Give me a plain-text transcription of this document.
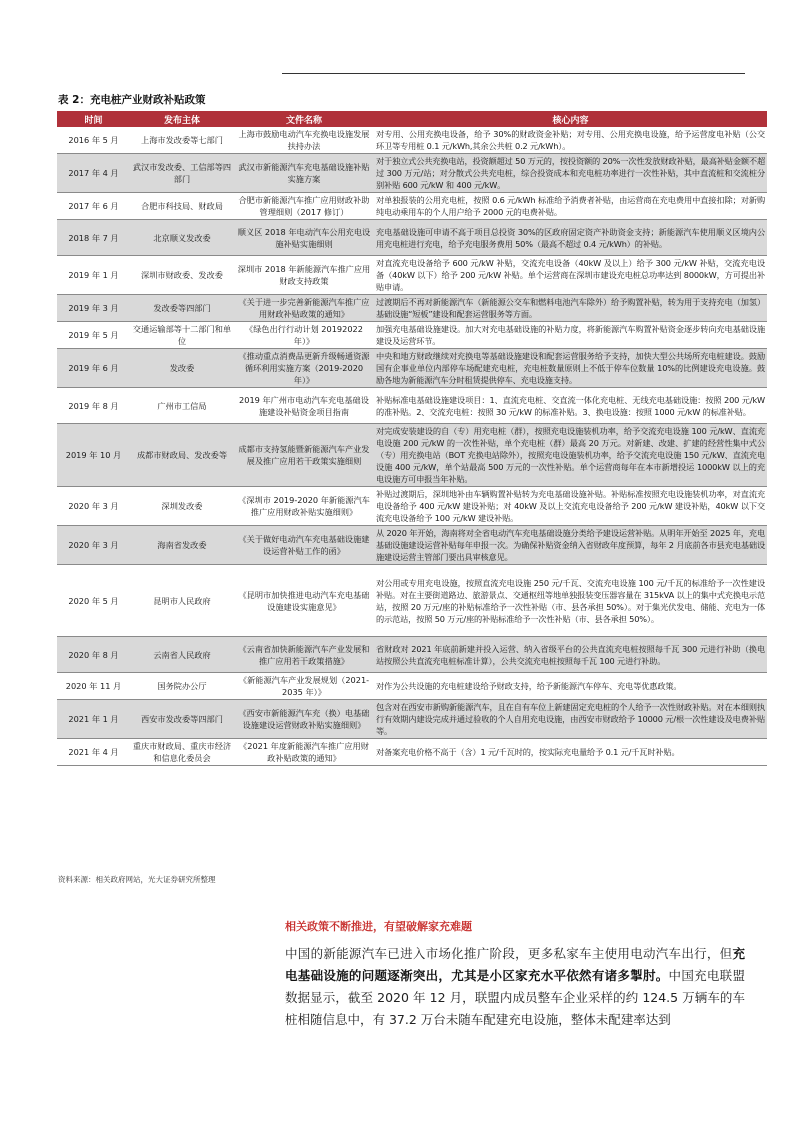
表 2：充电桩产业财政补贴政策
时间	发布主体	文件名称	核心内容
2016 年 5 月	上海市发改委等七部门	上海市鼓励电动汽车充换电设施发展扶持办法	对专用、公用充换电设备，给予 30%的财政资金补贴；对专用、公用充换电设施，给予运营度电补贴（公交环卫等专用桩 0.1 元/kWh,其余公共桩 0.2 元/kWh）。
2017 年 4 月	武汉市发改委、工信部等四部门	武汉市新能源汽车充电基础设施补贴实施方案	对于独立式公共充换电站，投资额超过 50 万元的，按投资额的 20%一次性发放财政补贴，最高补贴金额不超过 300 万元/站；对分散式公共充电桩，综合投资成本和充电桩功率进行一次性补贴，其中直流桩和交流桩分别补贴 600 元/kW 和 400 元/kW。
2017 年 6 月	合肥市科技局、财政局	合肥市新能源汽车推广应用财政补助管理细则（2017 修订）	对单独报装的公用充电桩，按照 0.6 元/kWh 标准给予消费者补贴，由运营商在充电费用中直接扣除；对新购纯电动乘用车的个人用户给予 2000 元的电费补贴。
2018 年 7 月	北京顺义发改委	顺义区 2018 年电动汽车公用充电设施补贴实施细则	充电基础设施可申请不高于项目总投资 30%的区政府固定资产补助资金支持；新能源汽车使用顺义区境内公用充电桩进行充电，给予充电服务费用 50%（最高不超过 0.4 元/kWh）的补贴。
2019 年 1 月	深圳市财政委、发改委	深圳市 2018 年新能源汽车推广应用财政支持政策	对直流充电设备给予 600 元/kW 补贴，交流充电设备（40kW 及以上）给予 300 元/kW 补贴，交流充电设备（40kW 以下）给予 200 元/kW 补贴。单个运营商在深圳市建设充电桩总功率达到 8000kW，方可提出补贴申请。
2019 年 3 月	发改委等四部门	《关于进一步完善新能源汽车推广应用财政补贴政策的通知》	过渡期后不再对新能源汽车（新能源公交车和燃料电池汽车除外）给予购置补贴，转为用于支持充电（加氢）基础设施“短板”建设和配套运营服务等方面。
2019 年 5 月	交通运输部等十二部门和单位	《绿色出行行动计划 20192022 年）》	加强充电基础设施建设。加大对充电基础设施的补贴力度，将新能源汽车购置补贴资金逐步转向充电基础设施建设及运营环节。
2019 年 6 月	发改委	《推动重点消费品更新升级畅通资源循环利用实施方案（2019-2020 年）》	中央和地方财政继续对充换电等基础设施建设和配套运营服务给予支持，加快大型公共场所充电桩建设。鼓励国有企事业单位内部停车场配建充电桩，充电桩数量原则上不低于停车位数量 10%的比例建设充电设施。鼓励各地为新能源汽车分时租赁提供停车、充电设施支持。
2019 年 8 月	广州市工信局	2019 年广州市电动汽车充电基础设施建设补贴资金项目指南	补贴标准电基础设施建设项目：1、直流充电桩、交直流一体化充电桩、无线充电基础设施：按照 200 元/kW 的准补贴。2、交流充电桩：按照 30 元/kW 的标准补贴。3、换电设施：按照 1000 元/kW 的标准补贴。
2019 年 10 月	成都市财政局、发改委等	成都市支持氢能暨新能源汽车产业发展及推广应用若干政策实施细则	对完成安装建设的自（专）用充电桩（群），按照充电设施装机功率，给予交流充电设施 100 元/kW、直流充电设施 200 元/kW 的一次性补贴，单个充电桩（群）最高 20 万元。对新建、改建、扩建的经营性集中式公（专）用充换电站（BOT 充换电站除外），按照充电设施装机功率，给予交流充电设施 150 元/kW、直流充电设施 400 元/kW，单个站最高 500 万元的一次性补贴。单个运营商每年在本市新增投运 1000kW 以上的充电设施方可申报当年补贴。
2020 年 3 月	深圳发改委	《深圳市 2019-2020 年新能源汽车推广应用财政补贴实施细则》	补贴过渡期后，深圳地补由车辆购置补贴转为充电基础设施补贴。补贴标准按照充电设施装机功率，对直流充电设备给予 400 元/kW 建设补贴；对 40kW 及以上交流充电设备给予 200 元/kW 建设补贴，40kW 以下交流充电设备给予 100 元/kW 建设补贴。
2020 年 3 月	海南省发改委	《关于做好电动汽车充电基础设施建设运营补贴工作的函》	从 2020 年开始，海南将对全省电动汽车充电基础设施分类给予建设运营补贴。从明年开始至 2025 年，充电基础设施建设运营补贴每年申报一次。为确保补贴资金纳入省财政年度预算，每年 2 月底前各市县充电基础设施建设运营主管部门要出具审核意见。
2020 年 5 月	昆明市人民政府	《昆明市加快推进电动汽车充电基础设施建设实施意见》	对公用或专用充电设施，按照直流充电设施 250 元/千瓦、交流充电设施 100 元/千瓦的标准给予一次性建设补贴。对在主要街道路边、旅游景点、交通枢纽等地单独报装变压器容量在 315kVA 以上的集中式充换电示范站，按照 20 万元/座的补贴标准给予一次性补贴（市、县各承担 50%）。对于集光伏发电、储能、充电为一体的示范站，按照 50 万元/座的补贴标准给予一次性补贴（市、县各承担 50%）。
2020 年 8 月	云南省人民政府	《云南省加快新能源汽车产业发展和推广应用若干政策措施》	省财政对 2021 年底前新建并投入运营、纳入省级平台的公共直流充电桩按照每千瓦 300 元进行补助（换电站按照公共直流充电桩标准计算），公共交流充电桩按照每千瓦 100 元进行补助。
2020 年 11 月	国务院办公厅	《新能源汽车产业发展规划（2021-2035 年）》	对作为公共设施的充电桩建设给予财政支持，给予新能源汽车停车、充电等优惠政策。
2021 年 1 月	西安市发改委等四部门	《西安市新能源汽车充（换）电基础设施建设运营财政补贴实施细则》	包含对在西安市新购新能源汽车，且在自有车位上新建固定充电桩的个人给予一次性财政补贴。对在本细则执行有效期内建设完成并通过验收的个人自用充电设施，由西安市财政给予 10000 元/根一次性建设及电费补贴等。
2021 年 4 月	重庆市财政局、重庆市经济和信息化委员会	《2021 年度新能源汽车推广应用财政补贴政策的通知》	对备案充电价格不高于（含）1 元/千瓦时的，按实际充电量给予 0.1 元/千瓦时补贴。
资料来源：相关政府网站，光大证券研究所整理
相关政策不断推进，有望破解家充难题
中国的新能源汽车已进入市场化推广阶段，更多私家车主使用电动汽车出行，但充电基础设施的问题逐渐突出，尤其是小区家充水平依然有诸多掣肘。中国充电联盟数据显示，截至 2020 年 12 月，联盟内成员整车企业采样的约 124.5 万辆车的车桩相随信息中，有 37.2 万台未随车配建充电设施，整体未配建率达到
